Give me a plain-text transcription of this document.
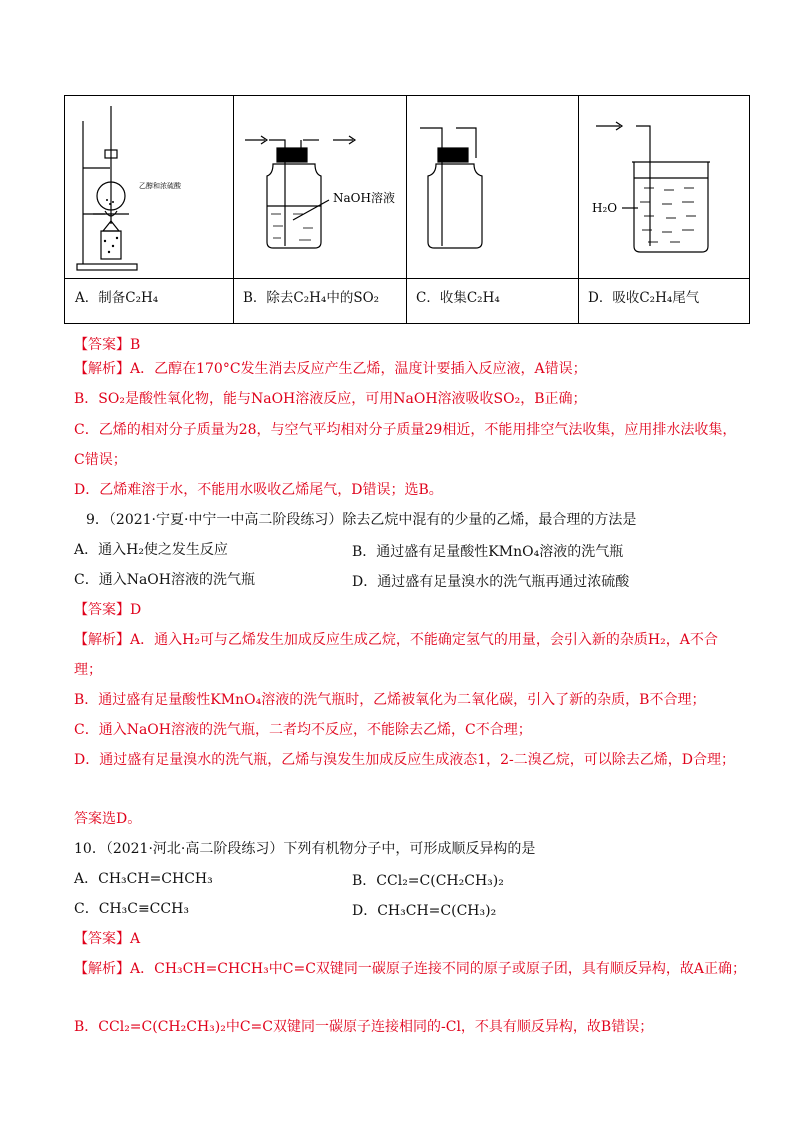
乙醇和浓硫酸
NaOH溶液
H₂O
A．制备C₂H₄	B．除去C₂H₄中的SO₂	C．收集C₂H₄	D．吸收C₂H₄尾气
【答案】B
【解析】A．乙醇在170°C发生消去反应产生乙烯，温度计要插入反应液，A错误；
B．SO₂是酸性氧化物，能与NaOH溶液反应，可用NaOH溶液吸收SO₂，B正确；
C．乙烯的相对分子质量为28，与空气平均相对分子质量29相近，不能用排空气法收集，应用排水法收集，
C错误；
D．乙烯难溶于水，不能用水吸收乙烯尾气，D错误；选B。
9．（2021·宁夏·中宁一中高二阶段练习）除去乙烷中混有的少量的乙烯，最合理的方法是
A．通入H₂使之发生反应	B．通过盛有足量酸性KMnO₄溶液的洗气瓶
C．通入NaOH溶液的洗气瓶	D．通过盛有足量溴水的洗气瓶再通过浓硫酸
【答案】D
【解析】A．通入H₂可与乙烯发生加成反应生成乙烷，不能确定氢气的用量，会引入新的杂质H₂，A不合
理；
B．通过盛有足量酸性KMnO₄溶液的洗气瓶时，乙烯被氧化为二氧化碳，引入了新的杂质，B不合理；
C．通入NaOH溶液的洗气瓶，二者均不反应，不能除去乙烯，C不合理；
D．通过盛有足量溴水的洗气瓶，乙烯与溴发生加成反应生成液态1，2-二溴乙烷，可以除去乙烯，D合理；
答案选D。
10．（2021·河北·高二阶段练习）下列有机物分子中，可形成顺反异构的是
A．CH₃CH=CHCH₃	B．CCl₂=C(CH₂CH₃)₂
C．CH₃C≡CCH₃	D．CH₃CH=C(CH₃)₂
【答案】A
【解析】A．CH₃CH=CHCH₃中C=C双键同一碳原子连接不同的原子或原子团，具有顺反异构，故A正确；
B．CCl₂=C(CH₂CH₃)₂中C=C双键同一碳原子连接相同的-Cl，不具有顺反异构，故B错误；
